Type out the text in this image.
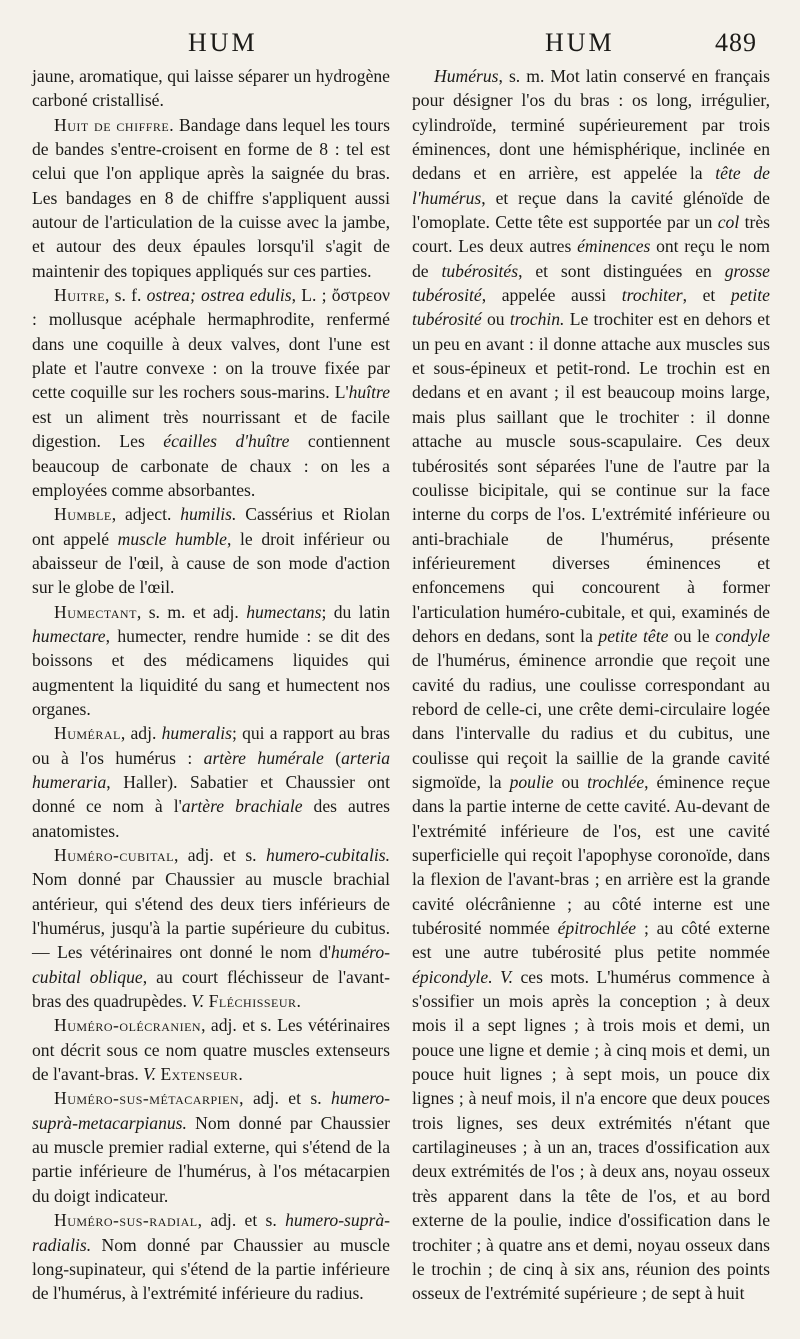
HUM	HUM	489

jaune, aromatique, qui laisse séparer un hydrogène carboné cristallisé.

Huit de chiffre. Bandage dans lequel les tours de bandes s'entre-croisent en forme de 8 : tel est celui que l'on applique après la saignée du bras. Les bandages en 8 de chiffre s'appliquent aussi autour de l'articulation de la cuisse avec la jambe, et autour des deux épaules lorsqu'il s'agit de maintenir des topiques appliqués sur ces parties.

Huitre, s. f. ostrea; ostrea edulis, L. ; ὄστρεον : mollusque acéphale hermaphrodite, renfermé dans une coquille à deux valves, dont l'une est plate et l'autre convexe : on la trouve fixée par cette coquille sur les rochers sous-marins. L'huître est un aliment très nourrissant et de facile digestion. Les écailles d'huître contiennent beaucoup de carbonate de chaux : on les a employées comme absorbantes.

Humble, adject. humilis. Cassérius et Riolan ont appelé muscle humble, le droit inférieur ou abaisseur de l'œil, à cause de son mode d'action sur le globe de l'œil.

Humectant, s. m. et adj. humectans; du latin humectare, humecter, rendre humide : se dit des boissons et des médicamens liquides qui augmentent la liquidité du sang et humectent nos organes.

Huméral, adj. humeralis; qui a rapport au bras ou à l'os humérus : artère humérale (arteria humeraria, Haller). Sabatier et Chaussier ont donné ce nom à l'artère brachiale des autres anatomistes.

Huméro-cubital, adj. et s. humero-cubitalis. Nom donné par Chaussier au muscle brachial antérieur, qui s'étend des deux tiers inférieurs de l'humérus, jusqu'à la partie supérieure du cubitus. — Les vétérinaires ont donné le nom d'huméro-cubital oblique, au court fléchisseur de l'avant-bras des quadrupèdes. V. Fléchisseur.

Huméro-olécranien, adj. et s. Les vétérinaires ont décrit sous ce nom quatre muscles extenseurs de l'avant-bras. V. Extenseur.

Huméro-sus-métacarpien, adj. et s. humero-suprà-metacarpianus. Nom donné par Chaussier au muscle premier radial externe, qui s'étend de la partie inférieure de l'humérus, à l'os métacarpien du doigt indicateur.

Huméro-sus-radial, adj. et s. humero-suprà-radialis. Nom donné par Chaussier au muscle long-supinateur, qui s'étend de la partie inférieure de l'humérus, à l'extrémité inférieure du radius.

Humérus, s. m. Mot latin conservé en français pour désigner l'os du bras : os long, irrégulier, cylindroïde, terminé supérieurement par trois éminences, dont une hémisphérique, inclinée en dedans et en arrière, est appelée la tête de l'humérus, et reçue dans la cavité glénoïde de l'omoplate. Cette tête est supportée par un col très court. Les deux autres éminences ont reçu le nom de tubérosités, et sont distinguées en grosse tubérosité, appelée aussi trochiter, et petite tubérosité ou trochin. Le trochiter est en dehors et un peu en avant : il donne attache aux muscles sus et sous-épineux et petit-rond. Le trochin est en dedans et en avant ; il est beaucoup moins large, mais plus saillant que le trochiter : il donne attache au muscle sous-scapulaire. Ces deux tubérosités sont séparées l'une de l'autre par la coulisse bicipitale, qui se continue sur la face interne du corps de l'os. L'extrémité inférieure ou anti-brachiale de l'humérus, présente inférieurement diverses éminences et enfoncemens qui concourent à former l'articulation huméro-cubitale, et qui, examinés de dehors en dedans, sont la petite tête ou le condyle de l'humérus, éminence arrondie que reçoit une cavité du radius, une coulisse correspondant au rebord de celle-ci, une crête demi-circulaire logée dans l'intervalle du radius et du cubitus, une coulisse qui reçoit la saillie de la grande cavité sigmoïde, la poulie ou trochlée, éminence reçue dans la partie interne de cette cavité. Au-devant de l'extrémité inférieure de l'os, est une cavité superficielle qui reçoit l'apophyse coronoïde, dans la flexion de l'avant-bras ; en arrière est la grande cavité olécrânienne ; au côté interne est une tubérosité nommée épitrochlée ; au côté externe est une autre tubérosité plus petite nommée épicondyle. V. ces mots. L'humérus commence à s'ossifier un mois après la conception ; à deux mois il a sept lignes ; à trois mois et demi, un pouce une ligne et demie ; à cinq mois et demi, un pouce huit lignes ; à sept mois, un pouce dix lignes ; à neuf mois, il n'a encore que deux pouces trois lignes, ses deux extrémités n'étant que cartilagineuses ; à un an, traces d'ossification aux deux extrémités de l'os ; à deux ans, noyau osseux très apparent dans la tête de l'os, et au bord externe de la poulie, indice d'ossification dans le trochiter ; à quatre ans et demi, noyau osseux dans le trochin ; de cinq à six ans, réunion des points osseux de l'extrémité supérieure ; de sept à huit
